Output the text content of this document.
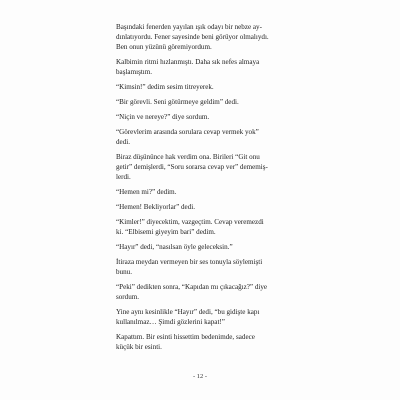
Başındaki fenerden yayılan ışık odayı bir nebze ay-
dınlatıyordu. Fener sayesinde beni görüyor olmalıydı.
Ben onun yüzünü göremiyordum.

Kalbimin ritmi hızlanmıştı. Daha sık nefes almaya
başlamıştım.

“Kimsin!” dedim sesim titreyerek.

“Bir görevli. Seni götürmeye geldim” dedi.

“Niçin ve nereye?” diye sordum.

“Görevlerim arasında sorulara cevap vermek yok”
dedi.

Biraz düşününce hak verdim ona. Birileri “Git onu
getir” demişlerdi, “Soru sorarsa cevap ver” dememiş-
lerdi.

“Hemen mi?” dedim.

“Hemen! Bekliyorlar” dedi.

“Kimler!” diyecektim, vazgeçtim. Cevap veremezdi
ki. “Elbisemi giyeyim bari” dedim.

“Hayır” dedi, “nasılsan öyle geleceksin.”

İtiraza meydan vermeyen bir ses tonuyla söylemişti
bunu.

“Peki” dedikten sonra, “Kapıdan mı çıkacağız?” diye
sordum.

Yine aynı kesinlikle “Hayır” dedi, “bu gidişte kapı
kullanılmaz… Şimdi gözlerini kapat!”

Kapattım. Bir esinti hissettim bedenimde, sadece
küçük bir esinti.

- 12 -
